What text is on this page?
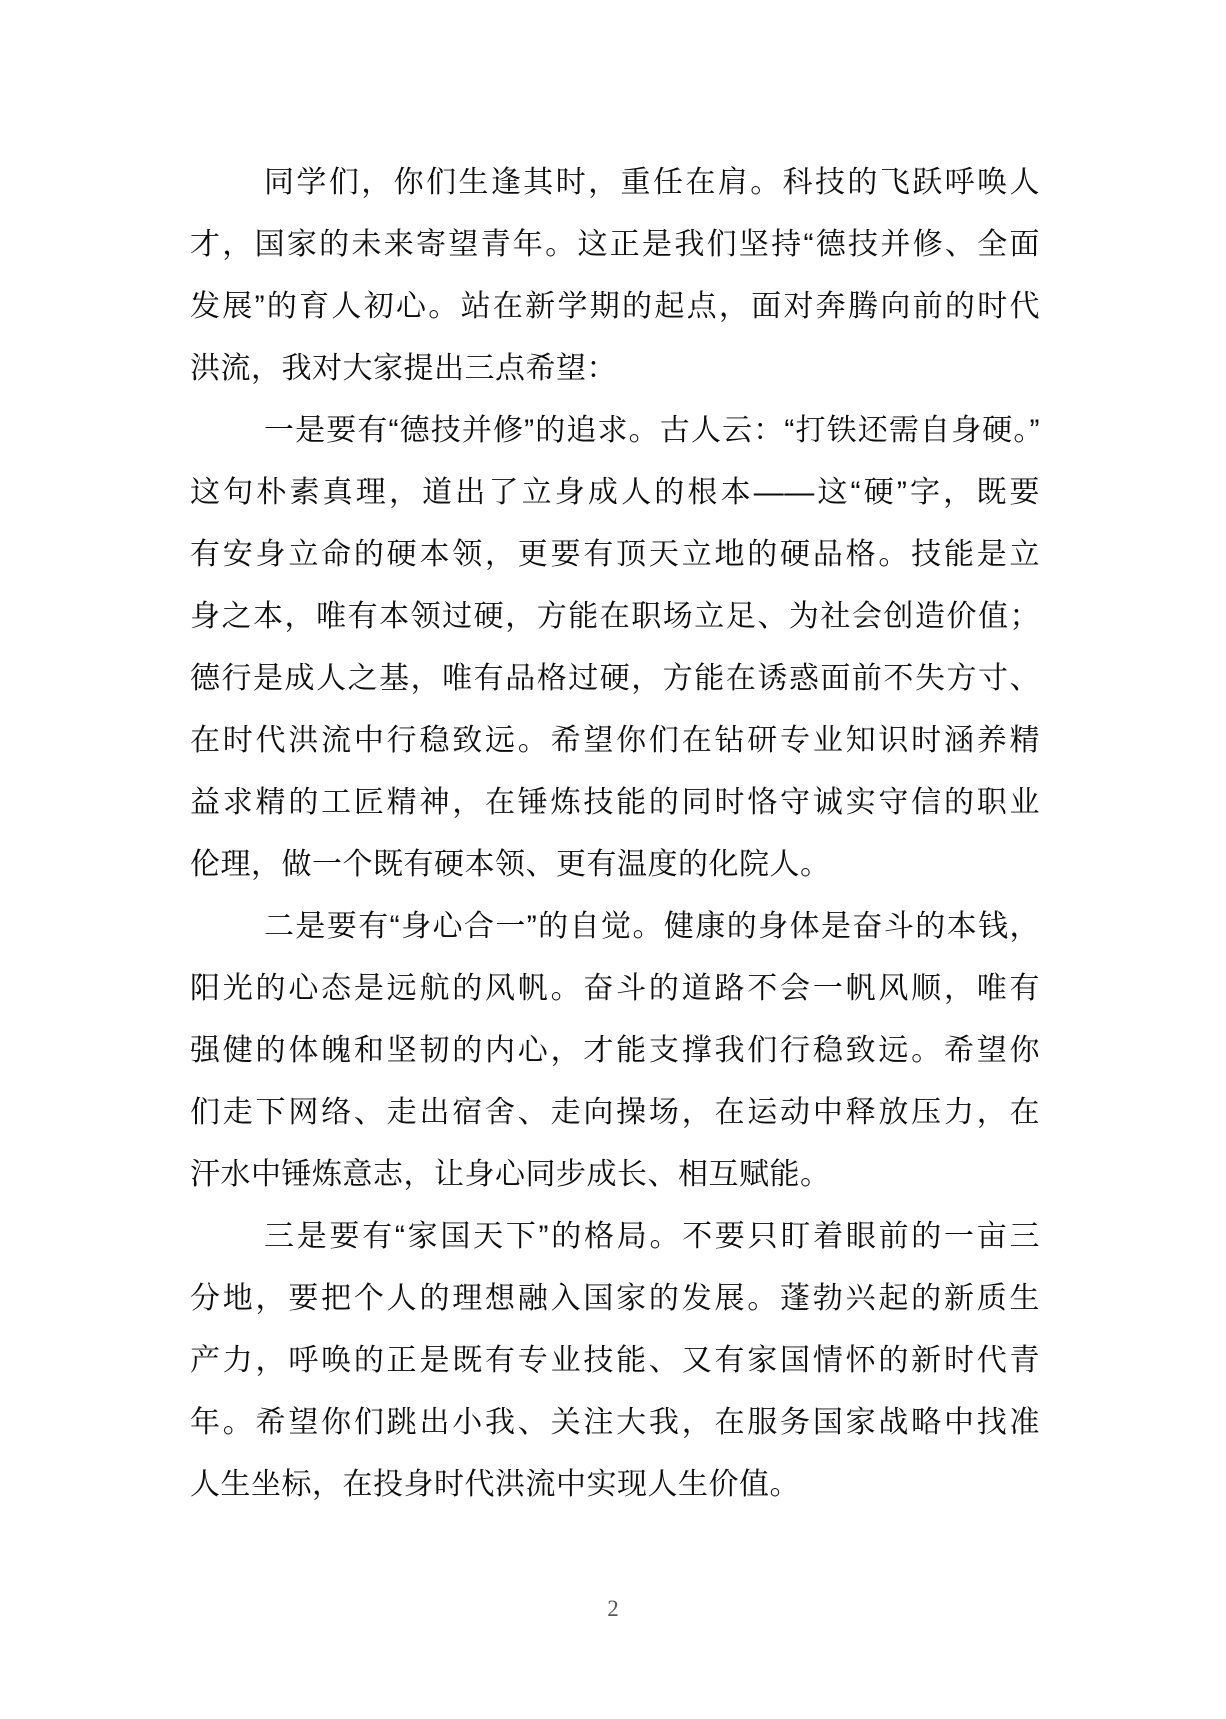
同学们，你们生逢其时，重任在肩。科技的飞跃呼唤人
才，国家的未来寄望青年。这正是我们坚持“德技并修、全面
发展”的育人初心。站在新学期的起点，面对奔腾向前的时代
洪流，我对大家提出三点希望：
一是要有“德技并修”的追求。古人云：“打铁还需自身硬。”
这句朴素真理，道出了立身成人的根本——这“硬”字，既要
有安身立命的硬本领，更要有顶天立地的硬品格。技能是立
身之本，唯有本领过硬，方能在职场立足、为社会创造价值；
德行是成人之基，唯有品格过硬，方能在诱惑面前不失方寸、
在时代洪流中行稳致远。希望你们在钻研专业知识时涵养精
益求精的工匠精神，在锤炼技能的同时恪守诚实守信的职业
伦理，做一个既有硬本领、更有温度的化院人。
二是要有“身心合一”的自觉。健康的身体是奋斗的本钱，
阳光的心态是远航的风帆。奋斗的道路不会一帆风顺，唯有
强健的体魄和坚韧的内心，才能支撑我们行稳致远。希望你
们走下网络、走出宿舍、走向操场，在运动中释放压力，在
汗水中锤炼意志，让身心同步成长、相互赋能。
三是要有“家国天下”的格局。不要只盯着眼前的一亩三
分地，要把个人的理想融入国家的发展。蓬勃兴起的新质生
产力，呼唤的正是既有专业技能、又有家国情怀的新时代青
年。希望你们跳出小我、关注大我，在服务国家战略中找准
人生坐标，在投身时代洪流中实现人生价值。
2
